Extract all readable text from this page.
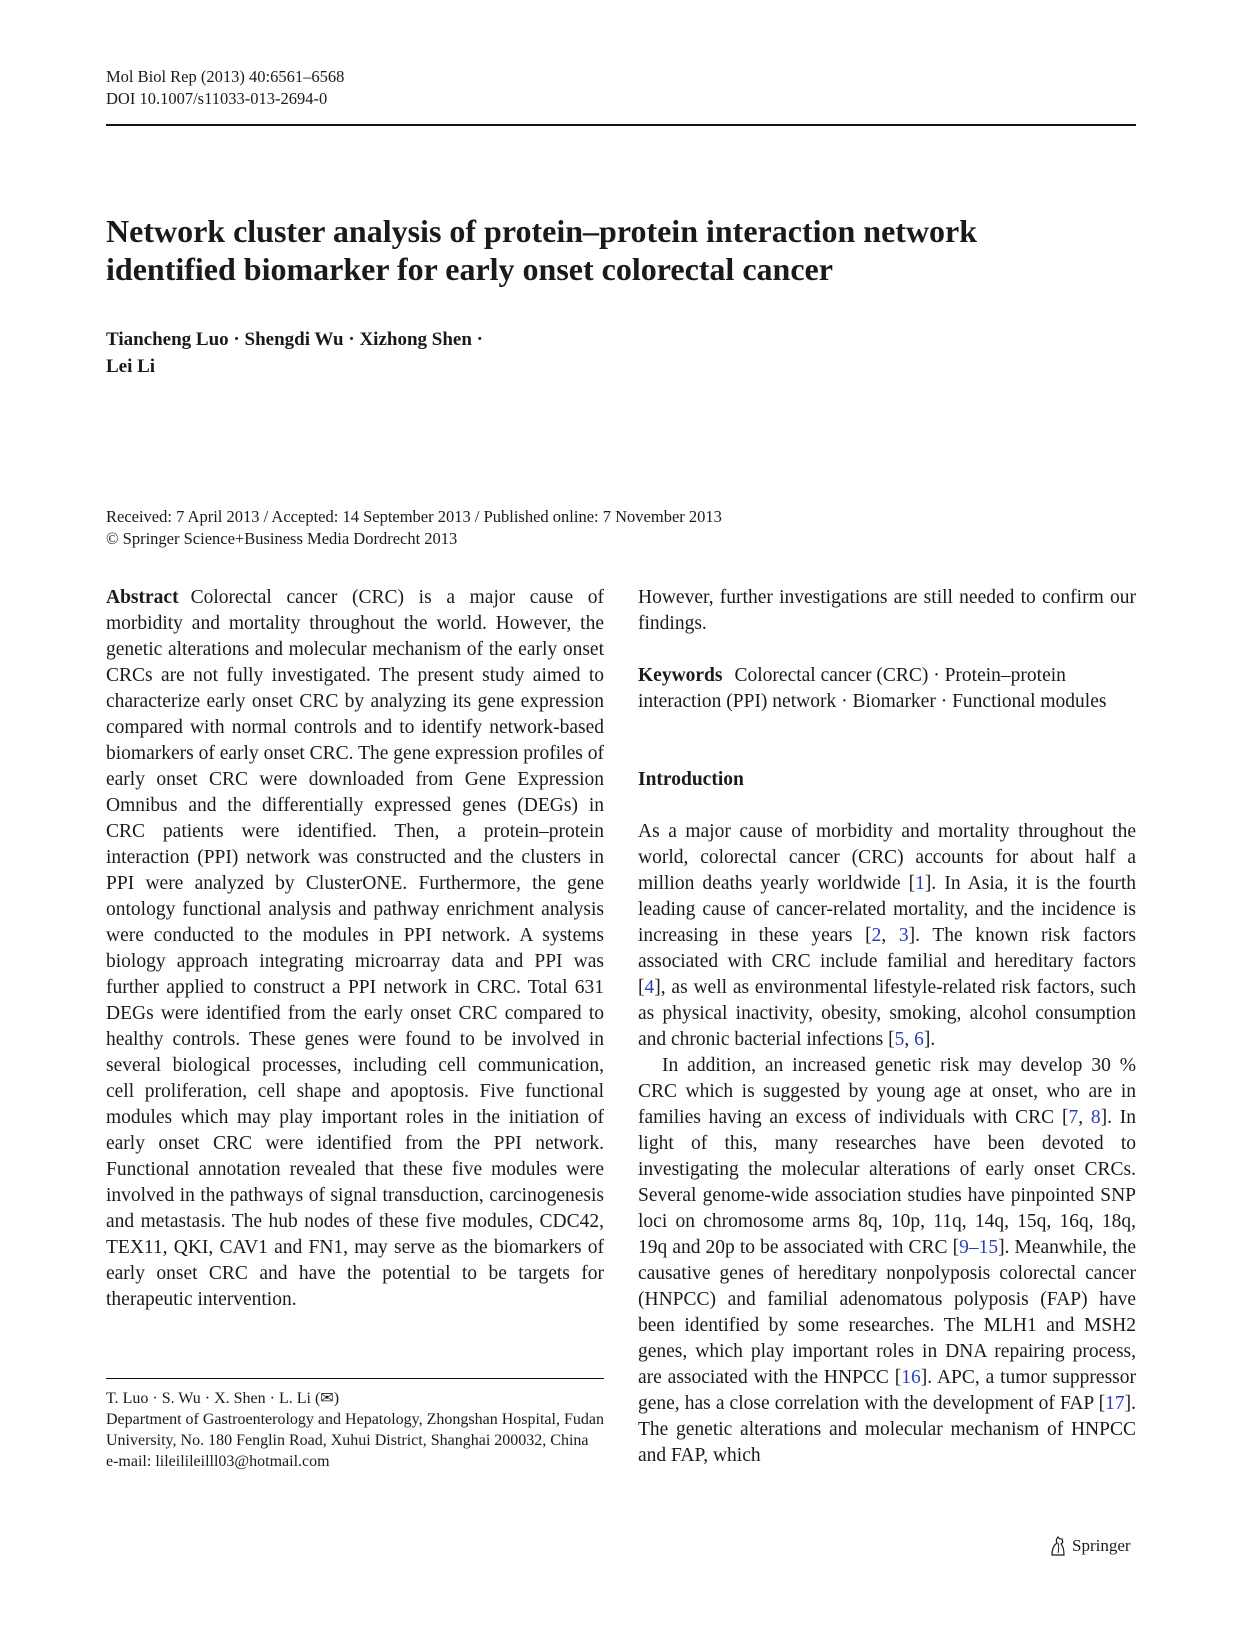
Mol Biol Rep (2013) 40:6561–6568
DOI 10.1007/s11033-013-2694-0
Network cluster analysis of protein–protein interaction network
identified biomarker for early onset colorectal cancer
Tiancheng Luo · Shengdi Wu · Xizhong Shen ·
Lei Li
Received: 7 April 2013 / Accepted: 14 September 2013 / Published online: 7 November 2013
© Springer Science+Business Media Dordrecht 2013

Abstract Colorectal cancer (CRC) is a major cause of morbidity and mortality throughout the world. However, the genetic alterations and molecular mechanism of the early onset CRCs are not fully investigated. The present study aimed to characterize early onset CRC by analyzing its gene expression compared with normal controls and to identify network-based biomarkers of early onset CRC. The gene expression profiles of early onset CRC were downloaded from Gene Expression Omnibus and the differentially expressed genes (DEGs) in CRC patients were identified. Then, a protein–protein interaction (PPI) network was constructed and the clusters in PPI were analyzed by ClusterONE. Furthermore, the gene ontology functional analysis and pathway enrichment analysis were conducted to the modules in PPI network. A systems biology approach integrating microarray data and PPI was further applied to construct a PPI network in CRC. Total 631 DEGs were identified from the early onset CRC compared to healthy controls. These genes were found to be involved in several biological processes, including cell communication, cell proliferation, cell shape and apoptosis. Five functional modules which may play important roles in the initiation of early onset CRC were identified from the PPI network. Functional annotation revealed that these five modules were involved in the pathways of signal transduction, carcinogenesis and metastasis. The hub nodes of these five modules, CDC42, TEX11, QKI, CAV1 and FN1, may serve as the biomarkers of early onset CRC and have the potential to be targets for therapeutic intervention.

However, further investigations are still needed to confirm our findings.

Keywords Colorectal cancer (CRC) · Protein–protein interaction (PPI) network · Biomarker · Functional modules

Introduction

As a major cause of morbidity and mortality throughout the world, colorectal cancer (CRC) accounts for about half a million deaths yearly worldwide [1]. In Asia, it is the fourth leading cause of cancer-related mortality, and the incidence is increasing in these years [2, 3]. The known risk factors associated with CRC include familial and hereditary factors [4], as well as environmental lifestyle-related risk factors, such as physical inactivity, obesity, smoking, alcohol consumption and chronic bacterial infections [5, 6].

In addition, an increased genetic risk may develop 30 % CRC which is suggested by young age at onset, who are in families having an excess of individuals with CRC [7, 8]. In light of this, many researches have been devoted to investigating the molecular alterations of early onset CRCs. Several genome-wide association studies have pinpointed SNP loci on chromosome arms 8q, 10p, 11q, 14q, 15q, 16q, 18q, 19q and 20p to be associated with CRC [9–15]. Meanwhile, the causative genes of hereditary nonpolyposis colorectal cancer (HNPCC) and familial adenomatous polyposis (FAP) have been identified by some researches. The MLH1 and MSH2 genes, which play important roles in DNA repairing process, are associated with the HNPCC [16]. APC, a tumor suppressor gene, has a close correlation with the development of FAP [17]. The genetic alterations and molecular mechanism of HNPCC and FAP, which

T. Luo · S. Wu · X. Shen · L. Li (✉)
Department of Gastroenterology and Hepatology, Zhongshan Hospital, Fudan University, No. 180 Fenglin Road, Xuhui District, Shanghai 200032, China
e-mail: lileilileilll03@hotmail.com
Springer
